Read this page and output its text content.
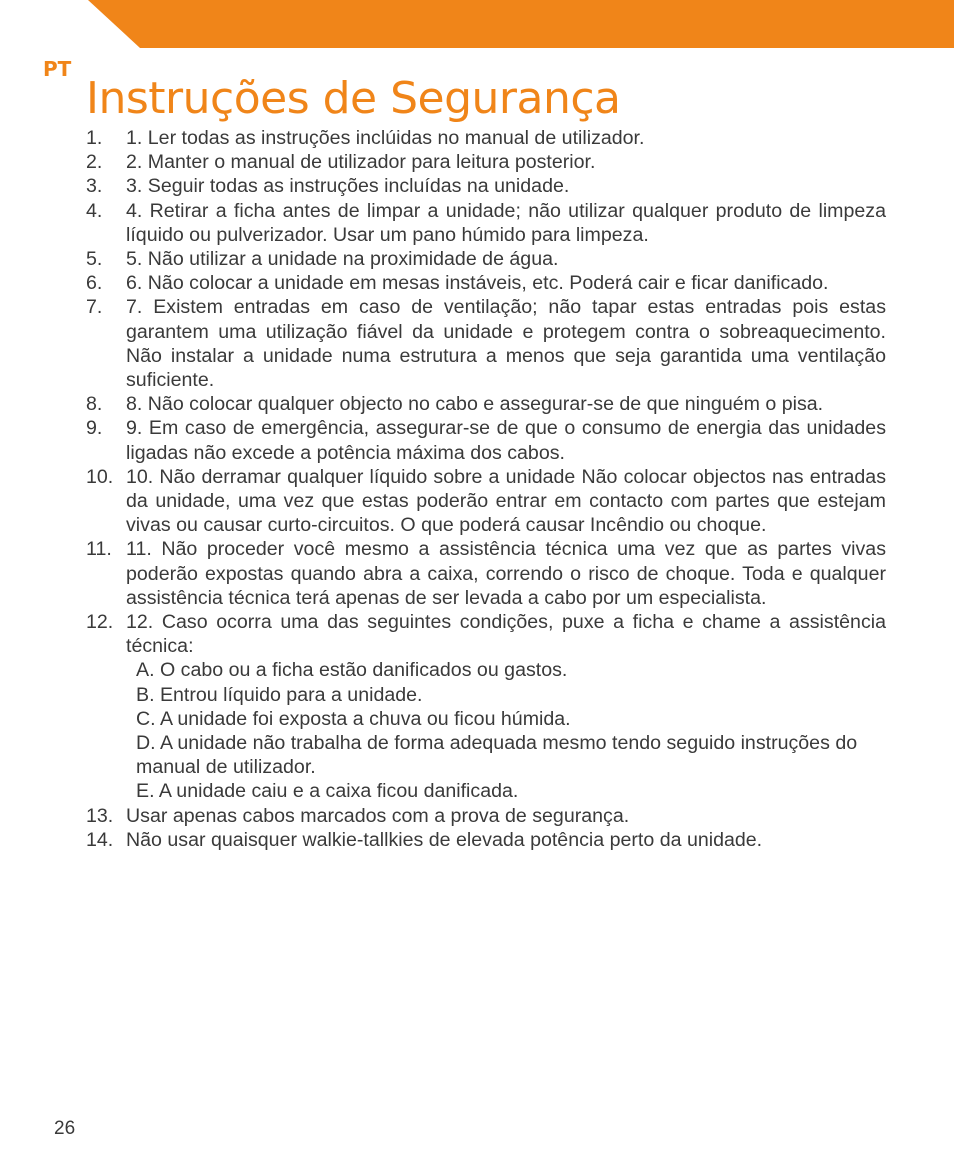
PT
Instruções de Segurança
1. 1. Ler todas as instruções inclúidas no manual de utilizador.
2. 2. Manter o manual de utilizador para leitura posterior.
3. 3. Seguir todas as instruções incluídas na unidade.
4. 4. Retirar a ficha antes de limpar a unidade; não utilizar qualquer produto de limpeza líquido ou pulverizador. Usar um pano húmido para limpeza.
5. 5. Não utilizar a unidade na proximidade de água.
6. 6. Não colocar a unidade em mesas instáveis, etc. Poderá cair e ficar danificado.
7. 7. Existem entradas em caso de ventilação; não tapar estas entradas pois estas garantem uma utilização fiável da unidade e protegem contra o sobreaquecimento. Não instalar a unidade numa estrutura a menos que seja garantida uma ventilação suficiente.
8. 8. Não colocar qualquer objecto no cabo e assegurar-se de que ninguém o pisa.
9. 9. Em caso de emergência, assegurar-se de que o consumo de energia das unidades ligadas não excede a potência máxima dos cabos.
10. 10. Não derramar qualquer líquido sobre a unidade Não colocar objectos nas entradas da unidade, uma vez que estas poderão entrar em contacto com partes que estejam vivas ou causar curto-circuitos. O que poderá causar Incêndio ou choque.
11. 11. Não proceder você mesmo a assistência técnica uma vez que as partes vivas poderão expostas quando abra a caixa, correndo o risco de choque. Toda e qualquer assistência técnica terá apenas de ser levada a cabo por um especialista.
12. 12. Caso ocorra uma das seguintes condições, puxe a ficha e chame a assistência técnica:
A. O cabo ou a ficha estão danificados ou gastos.
B. Entrou líquido para a unidade.
C. A unidade foi exposta a chuva ou ficou húmida.
D. A unidade não trabalha de forma adequada mesmo tendo seguido instruções do manual de utilizador.
E. A unidade caiu e a caixa ficou danificada.
13. Usar apenas cabos marcados com a prova de segurança.
14. Não usar quaisquer walkie-tallkies de elevada potência perto da unidade.
26
